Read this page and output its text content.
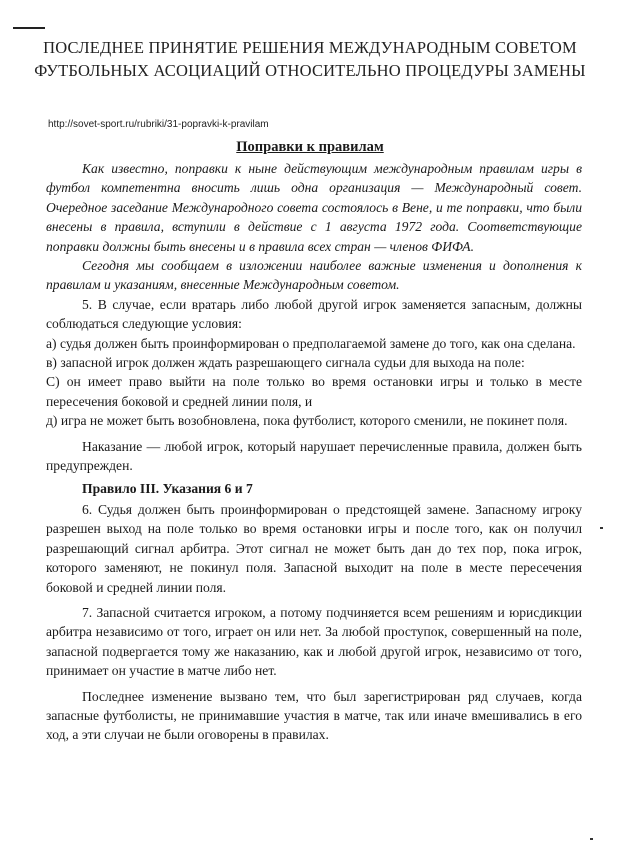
ПОСЛЕДНЕЕ ПРИНЯТИЕ РЕШЕНИЯ МЕЖДУНАРОДНЫМ СОВЕТОМ ФУТБОЛЬНЫХ АСОЦИАЦИЙ ОТНОСИТЕЛЬНО ПРОЦЕДУРЫ ЗАМЕНЫ
http://sovet-sport.ru/rubriki/31-popravki-k-pravilam
Поправки к правилам

Как известно, поправки к ныне действующим международным правилам игры в футбол компетентна вносить лишь одна организация — Международный совет. Очередное заседание Международного совета состоялось в Вене, и те поправки, что были внесены в правила, вступили в действие с 1 августа 1972 года. Соответствующие поправки должны быть внесены и в правила всех стран — членов ФИФА.

Сегодня мы сообщаем в изложении наиболее важные изменения и дополнения к правилам и указаниям, внесенные Международным советом.

5. В случае, если вратарь либо любой другой игрок заменяется запасным, должны соблюдаться следующие условия:

а) судья должен быть проинформирован о предполагаемой замене до того, как она сделана.

в) запасной игрок должен ждать разрешающего сигнала судьи для выхода на поле:

С) он имеет право выйти на поле только во время остановки игры и только в месте пересечения боковой и средней линии поля, и

д) игра не может быть возобновлена, пока футболист, которого сменили, не покинет поля.

Наказание — любой игрок, который нарушает перечисленные правила, должен быть предупрежден.

Правило III. Указания 6 и 7

6. Судья должен быть проинформирован о предстоящей замене. Запасному игроку разрешен выход на поле только во время остановки игры и после того, как он получил разрешающий сигнал арбитра. Этот сигнал не может быть дан до тех пор, пока игрок, которого заменяют, не покинул поля. Запасной выходит на поле в месте пересечения боковой и средней линии поля.

7. Запасной считается игроком, а потому подчиняется всем решениям и юрисдикции арбитра независимо от того, играет он или нет. За любой проступок, совершенный на поле, запасной подвергается тому же наказанию, как и любой другой игрок, независимо от того, принимает он участие в матче либо нет.

Последнее изменение вызвано тем, что был зарегистрирован ряд случаев, когда запасные футболисты, не принимавшие участия в матче, так или иначе вмешивались в его ход, а эти случаи не были оговорены в правилах.
